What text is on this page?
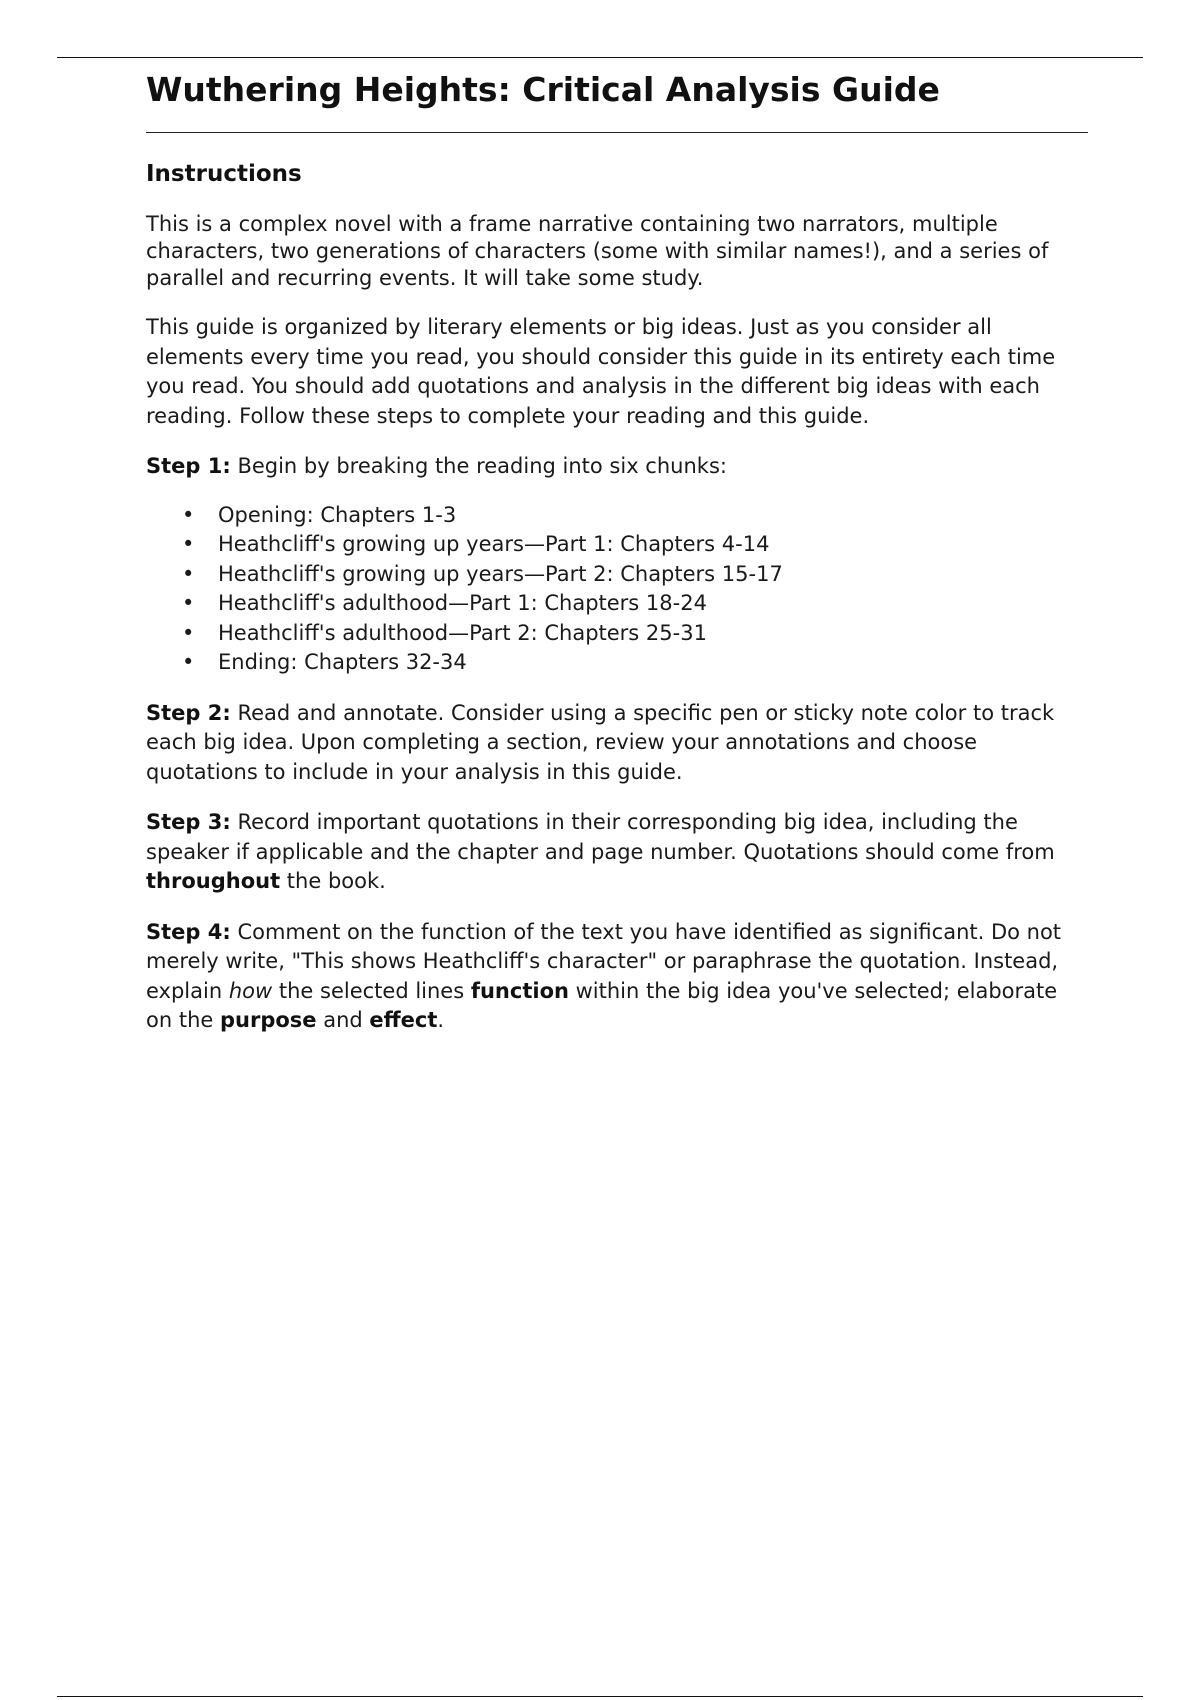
Wuthering Heights: Critical Analysis Guide
Instructions

This is a complex novel with a frame narrative containing two narrators, multiple characters, two generations of characters (some with similar names!), and a series of parallel and recurring events. It will take some study.

This guide is organized by literary elements or big ideas. Just as you consider all elements every time you read, you should consider this guide in its entirety each time you read. You should add quotations and analysis in the different big ideas with each reading. Follow these steps to complete your reading and this guide.

Step 1: Begin by breaking the reading into six chunks:

• Opening: Chapters 1-3
• Heathcliff's growing up years—Part 1: Chapters 4-14
• Heathcliff's growing up years—Part 2: Chapters 15-17
• Heathcliff's adulthood—Part 1: Chapters 18-24
• Heathcliff's adulthood—Part 2: Chapters 25-31
• Ending: Chapters 32-34

Step 2: Read and annotate. Consider using a specific pen or sticky note color to track each big idea. Upon completing a section, review your annotations and choose quotations to include in your analysis in this guide.

Step 3: Record important quotations in their corresponding big idea, including the speaker if applicable and the chapter and page number. Quotations should come from throughout the book.

Step 4: Comment on the function of the text you have identified as significant. Do not merely write, "This shows Heathcliff's character" or paraphrase the quotation. Instead, explain how the selected lines function within the big idea you've selected; elaborate on the purpose and effect.
